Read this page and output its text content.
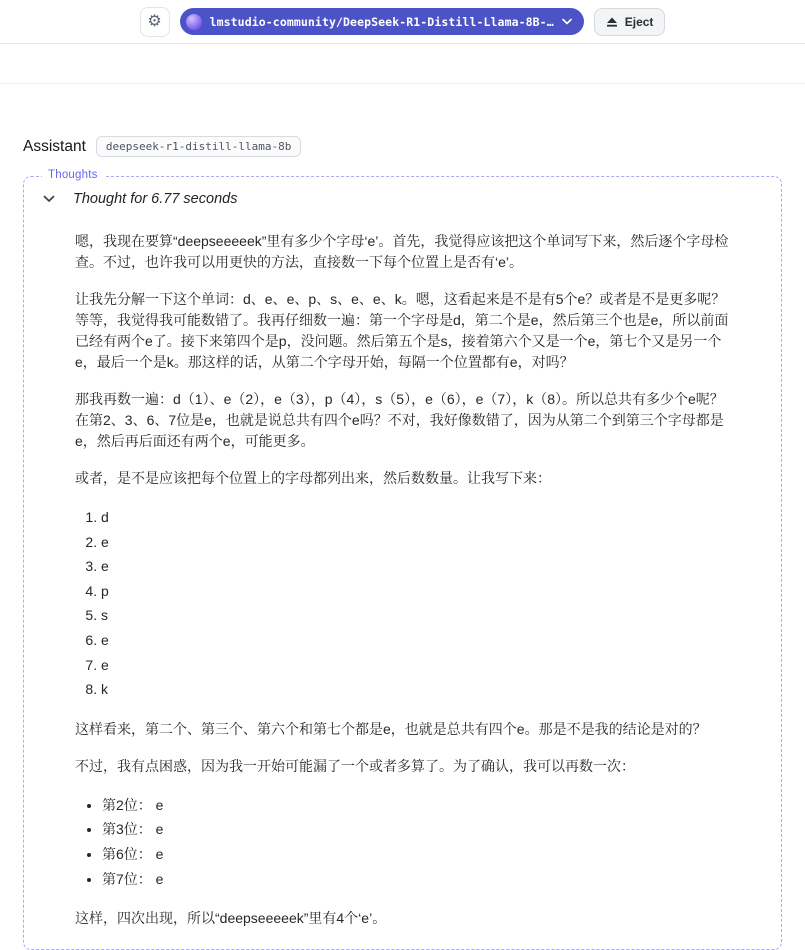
⚙	lmstudio-community/DeepSeek-R1-Distill-Llama-8B-…	Eject
Assistant	deepseek-r1-distill-llama-8b
Thoughts
Thought for 6.77 seconds

嗯，我现在要算“deepseeeeek”里有多少个字母‘e’。首先，我觉得应该把这个单词写下来，然后逐个字母检查。不过，也许我可以用更快的方法，直接数一下每个位置上是否有‘e’。

让我先分解一下这个单词：d、e、e、p、s、e、e、k。嗯，这看起来是不是有5个e？或者是不是更多呢？等等，我觉得我可能数错了。我再仔细数一遍：第一个字母是d，第二个是e，然后第三个也是e，所以前面已经有两个e了。接下来第四个是p，没问题。然后第五个是s，接着第六个又是一个e，第七个又是另一个e，最后一个是k。那这样的话，从第二个字母开始，每隔一个位置都有e，对吗？

那我再数一遍：d（1）、e（2），e（3），p（4），s（5），e（6），e（7），k（8）。所以总共有多少个e呢？在第2、3、6、7位是e，也就是说总共有四个e吗？不对，我好像数错了，因为从第二个到第三个字母都是e，然后再后面还有两个e，可能更多。

或者，是不是应该把每个位置上的字母都列出来，然后数数量。让我写下来：

1. d
2. e
3. e
4. p
5. s
6. e
7. e
8. k

这样看来，第二个、第三个、第六个和第七个都是e，也就是总共有四个e。那是不是我的结论是对的？

不过，我有点困惑，因为我一开始可能漏了一个或者多算了。为了确认，我可以再数一次：

• 第2位： e
• 第3位： e
• 第6位： e
• 第7位： e

这样，四次出现，所以“deepseeeeek”里有4个‘e’。
